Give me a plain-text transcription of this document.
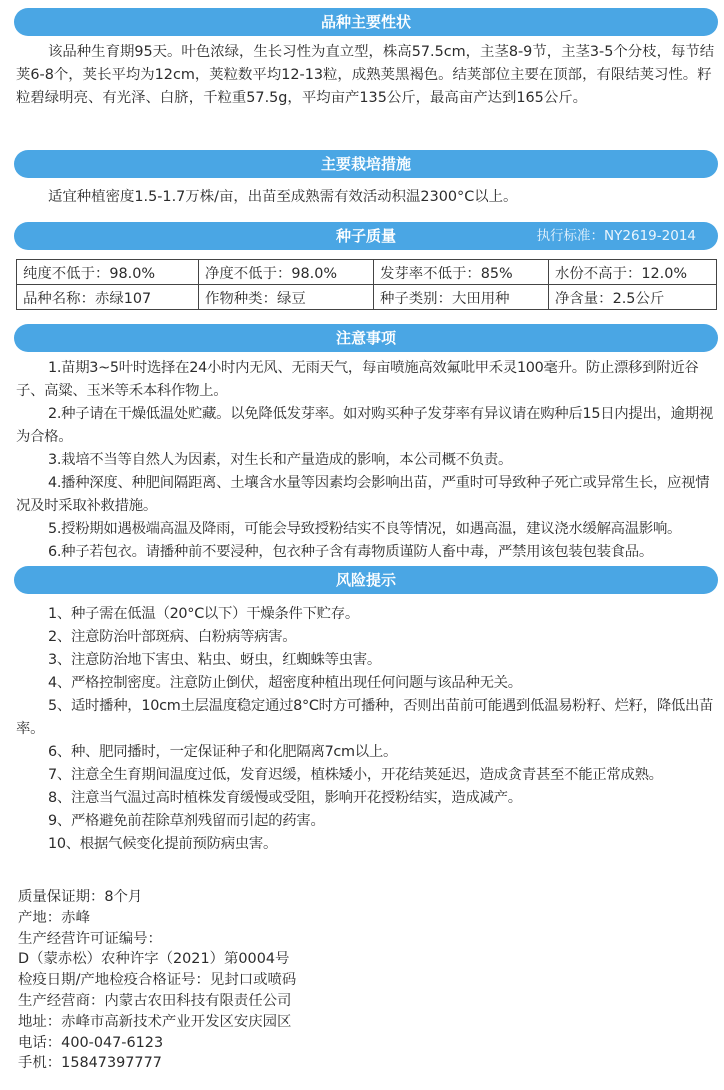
品种主要性状

该品种生育期95天。叶色浓绿，生长习性为直立型，株高57.5cm，主茎8-9节，主茎3-5个分枝，每节结荚6-8个，荚长平均为12cm，荚粒数平均12-13粒，成熟荚黑褐色。结荚部位主要在顶部，有限结荚习性。籽粒碧绿明亮、有光泽、白脐，千粒重57.5g，平均亩产135公斤，最高亩产达到165公斤。

主要栽培措施

适宜种植密度1.5-1.7万株/亩，出苗至成熟需有效活动积温2300°C以上。

种子质量	执行标准：NY2619-2014
纯度不低于：98.0%	净度不低于：98.0%	发芽率不低于：85%	水份不高于：12.0%
品种名称：赤绿107	作物种类：绿豆	种子类别：大田用种	净含量：2.5公斤
注意事项

1.苗期3~5叶时选择在24小时内无风、无雨天气，每亩喷施高效氟吡甲禾灵100毫升。防止漂移到附近谷子、高粱、玉米等禾本科作物上。

2.种子请在干燥低温处贮藏。以免降低发芽率。如对购买种子发芽率有异议请在购种后15日内提出，逾期视为合格。

3.栽培不当等自然人为因素，对生长和产量造成的影响，本公司概不负责。

4.播种深度、种肥间隔距离、土壤含水量等因素均会影响出苗，严重时可导致种子死亡或异常生长，应视情况及时采取补救措施。

5.授粉期如遇极端高温及降雨，可能会导致授粉结实不良等情况，如遇高温，建议浇水缓解高温影响。

6.种子若包衣。请播种前不要浸种，包衣种子含有毒物质谨防人畜中毒，严禁用该包装包装食品。

风险提示

1、种子需在低温（20°C以下）干燥条件下贮存。

2、注意防治叶部斑病、白粉病等病害。

3、注意防治地下害虫、粘虫、蚜虫，红蜘蛛等虫害。

4、严格控制密度。注意防止倒伏，超密度种植出现任何问题与该品种无关。

5、适时播种，10cm土层温度稳定通过8°C时方可播种，否则出苗前可能遇到低温易粉籽、烂籽，降低出苗率。

6、种、肥同播时，一定保证种子和化肥隔离7cm以上。

7、注意全生育期间温度过低，发育迟缓，植株矮小，开花结荚延迟，造成贪青甚至不能正常成熟。

8、注意当气温过高时植株发育缓慢或受阻，影响开花授粉结实，造成减产。

9、严格避免前茬除草剂残留而引起的药害。

10、根据气候变化提前预防病虫害。

质量保证期：8个月

产地：赤峰

生产经营许可证编号：

D（蒙赤松）农种许字（2021）第0004号

检疫日期/产地检疫合格证号：见封口或喷码

生产经营商：内蒙古农田科技有限责任公司

地址：赤峰市高新技术产业开发区安庆园区

电话：400-047-6123

手机：15847397777
